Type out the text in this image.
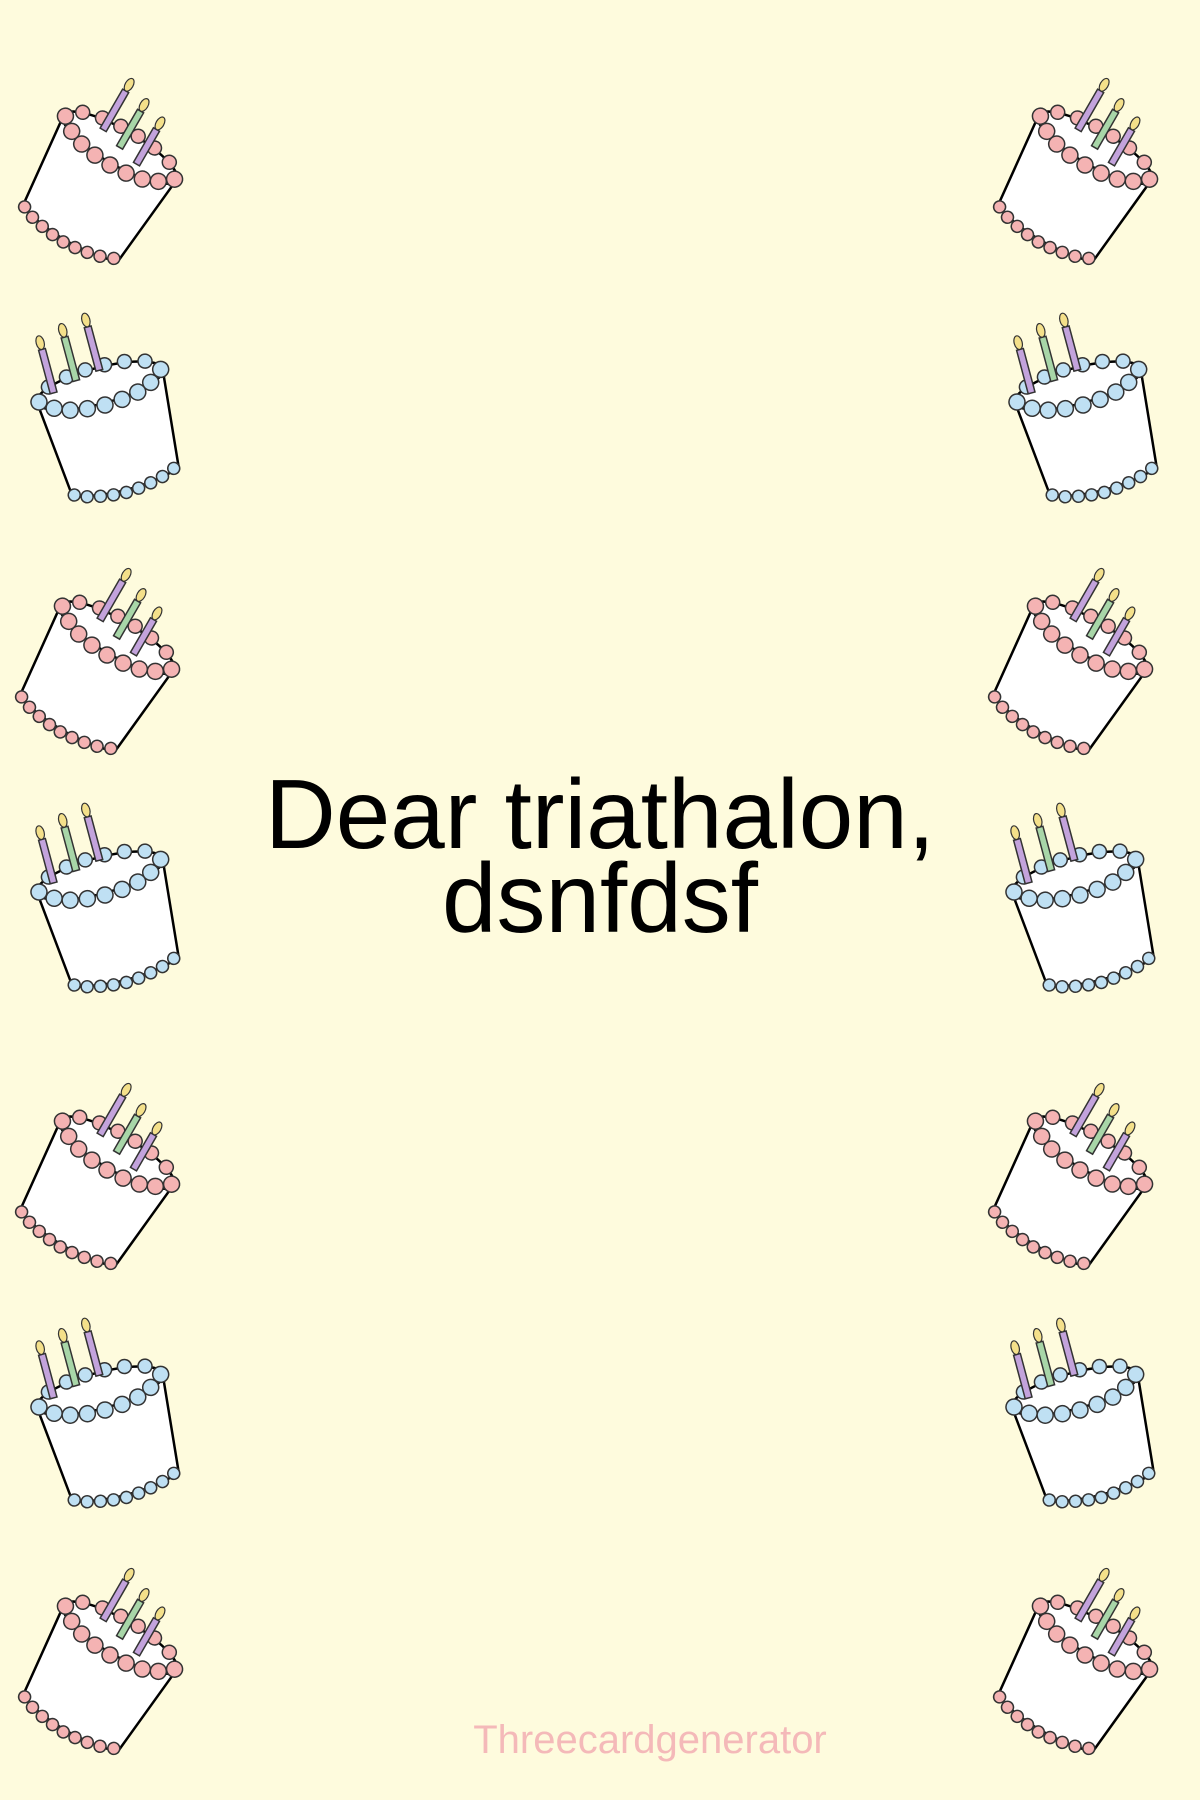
Dear triathalon,
dsnfdsf
Threecardgenerator
